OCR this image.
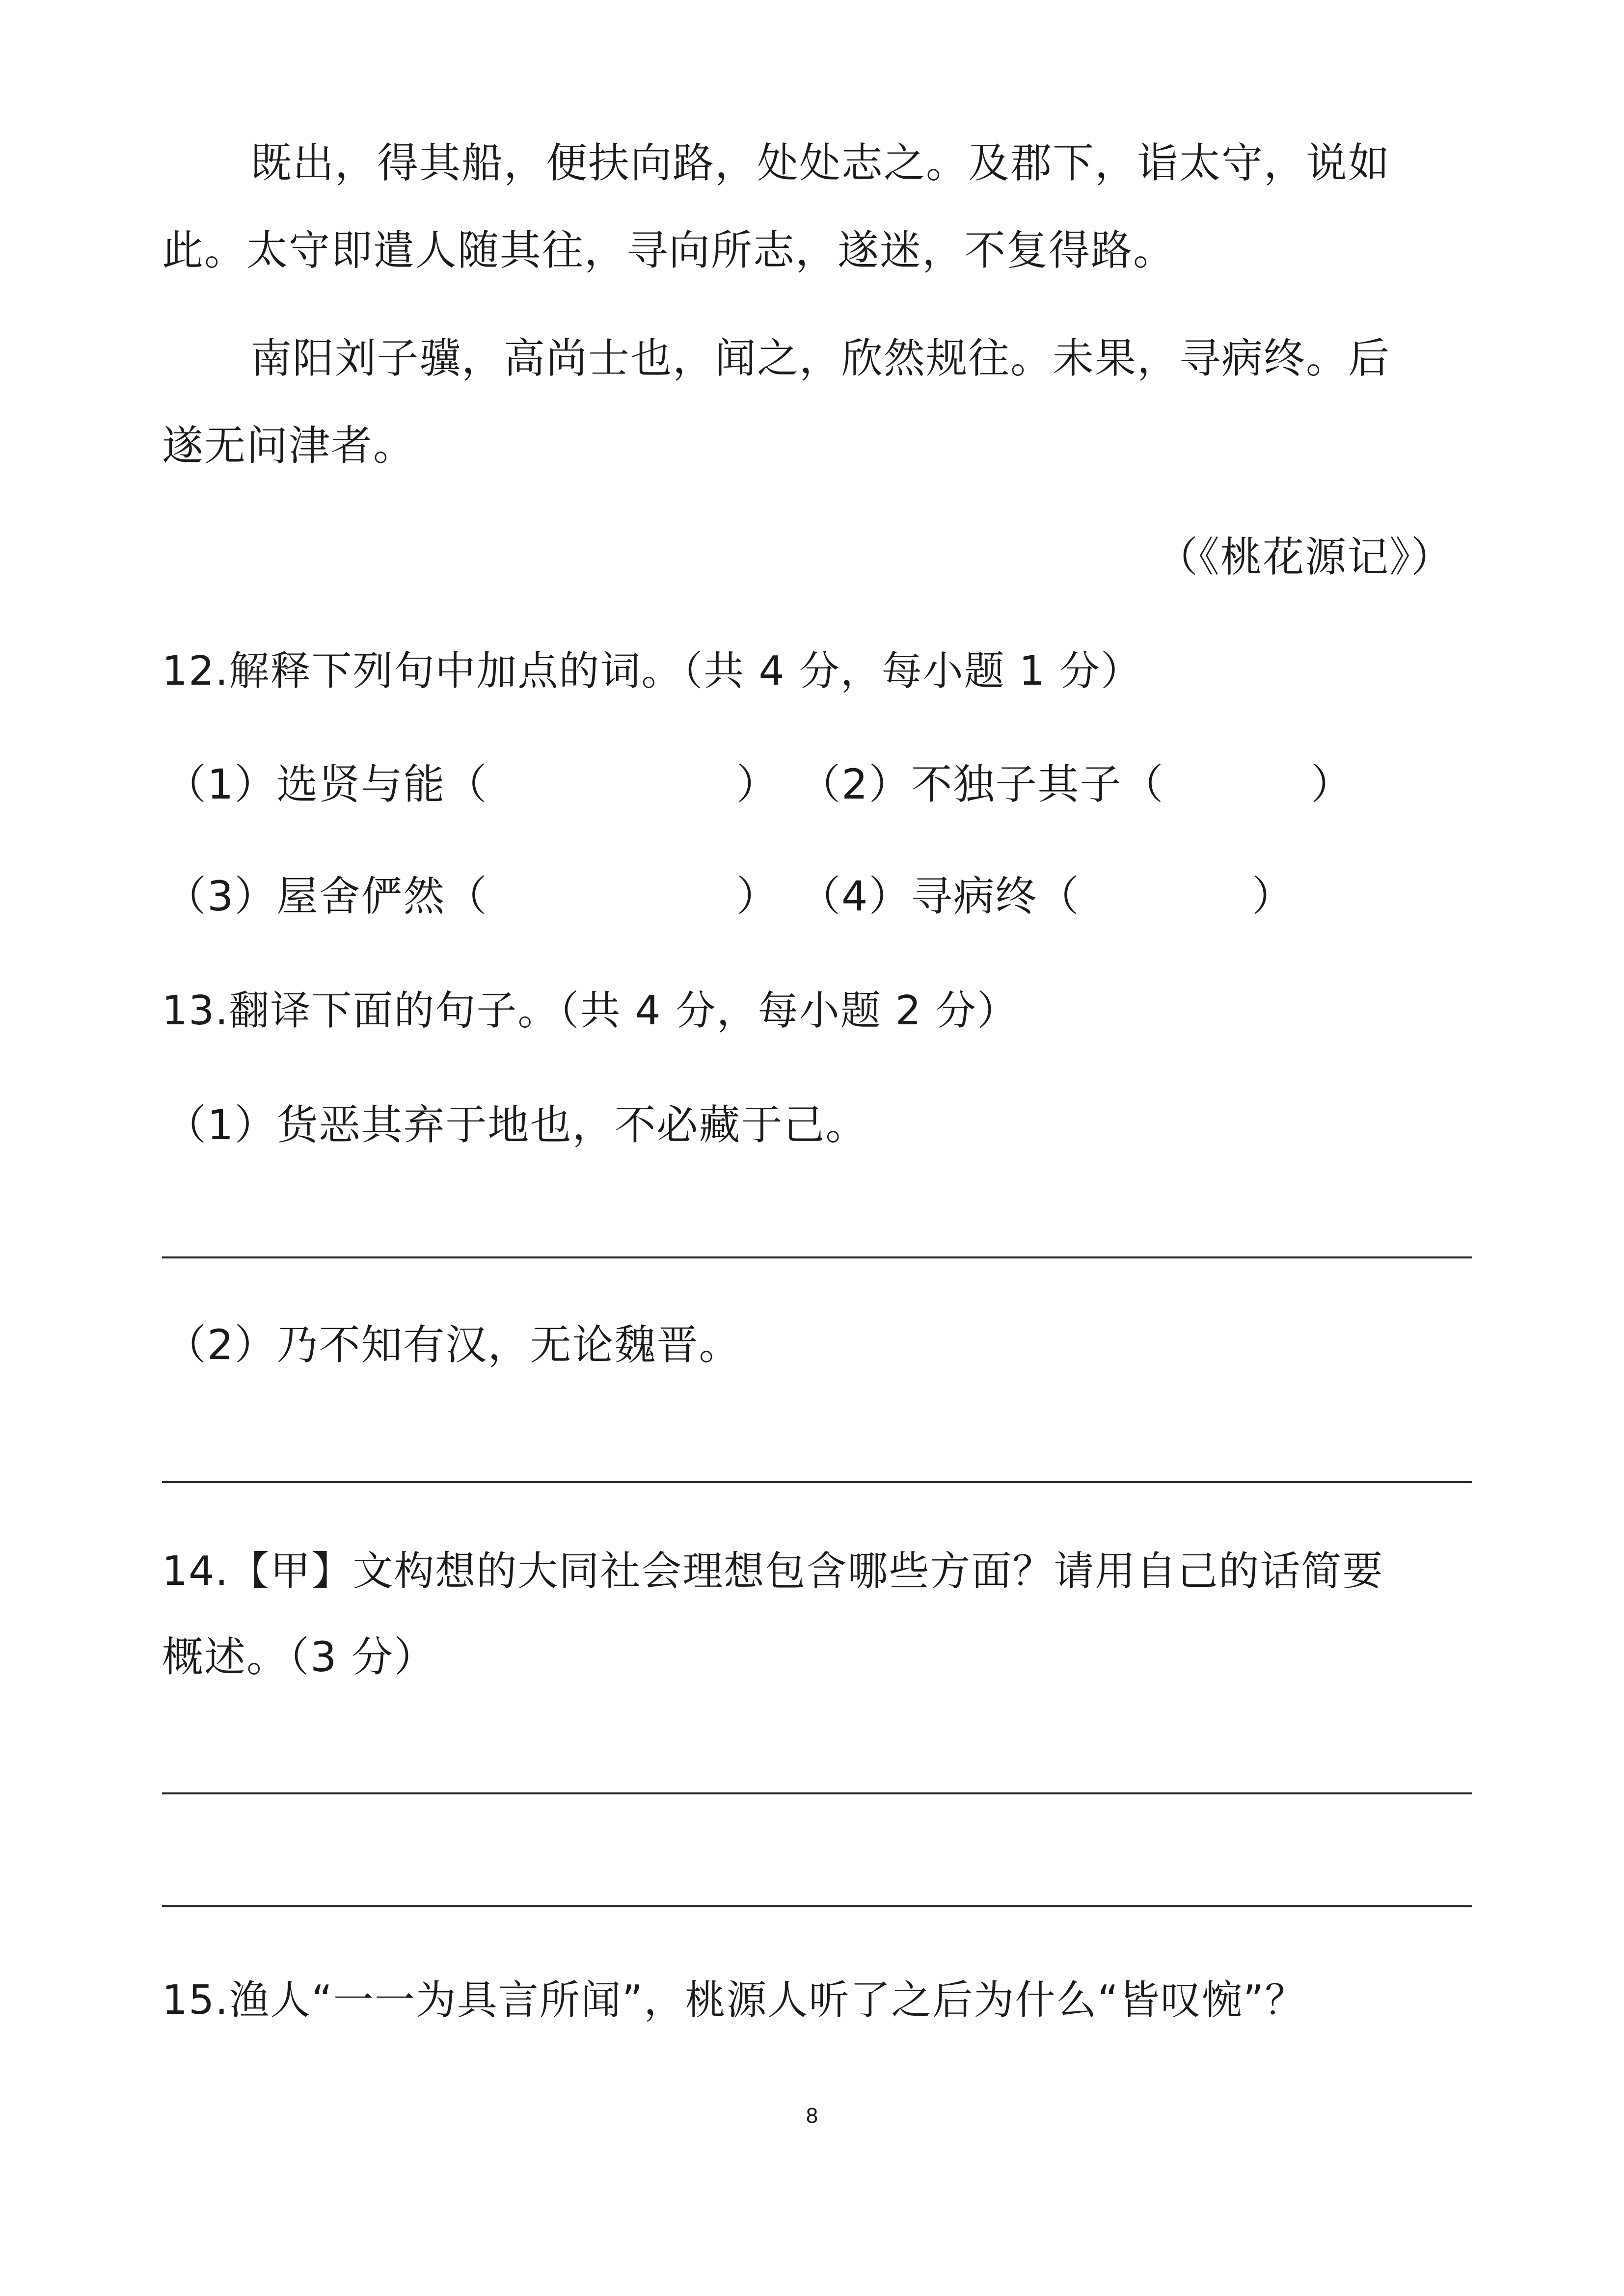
既出，得其船，便扶向路，处处志之。及郡下，诣太守，说如
此。太守即遣人随其往，寻向所志，遂迷，不复得路。
南阳刘子骥，高尚士也，闻之，欣然规往。未果，寻病终。后
遂无问津者。
（《桃花源记》）
12.解释下列句中加点的词。（共 4 分，每小题 1 分）
（1）选贤与能（	） （2）不独子其子（	）
（3）屋舍俨然（	） （4）寻病终（	）
13.翻译下面的句子。（共 4 分，每小题 2 分）
（1）货恶其弃于地也，不必藏于己。
（2）乃不知有汉，无论魏晋。
14.【甲】文构想的大同社会理想包含哪些方面？请用自己的话简要
概述。（3 分）
15.渔人“一一为具言所闻”，桃源人听了之后为什么“皆叹惋”？
8
